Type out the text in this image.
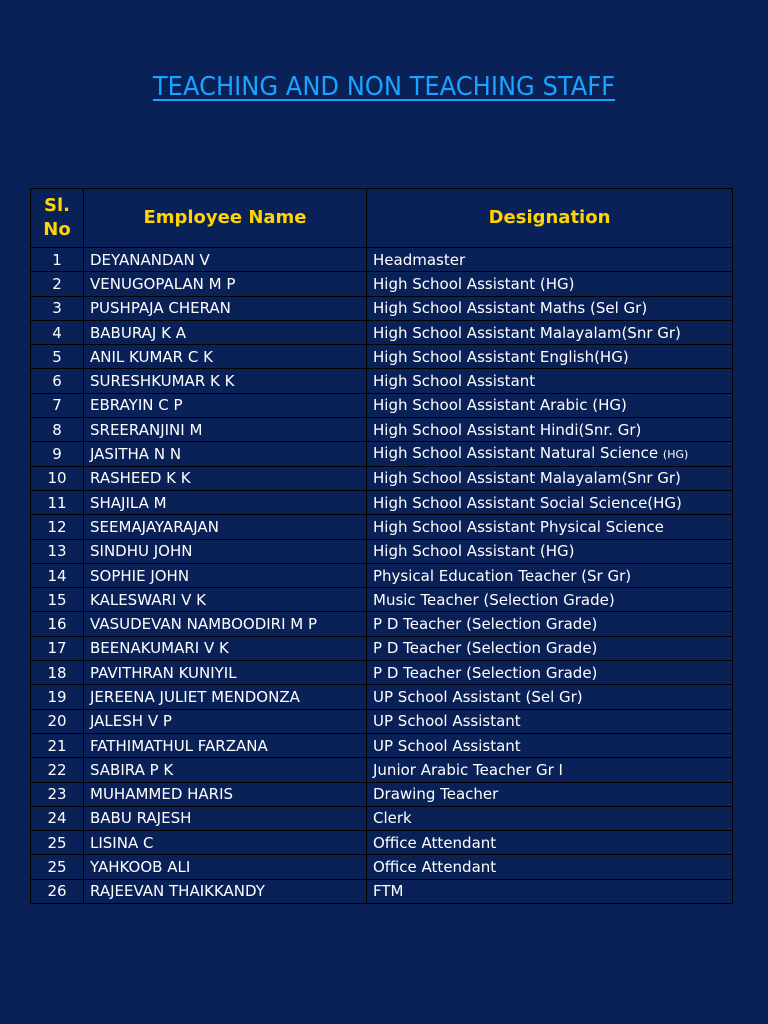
TEACHING AND NON TEACHING STAFF
Sl.
No	Employee Name	Designation
1	DEYANANDAN V	Headmaster
2	VENUGOPALAN M P	High School Assistant (HG)
3	PUSHPAJA CHERAN	High School Assistant Maths (Sel Gr)
4	BABURAJ K A	High School Assistant Malayalam(Snr Gr)
5	ANIL KUMAR C K	High School Assistant English(HG)
6	SURESHKUMAR K K	High School Assistant
7	EBRAYIN C P	High School Assistant Arabic (HG)
8	SREERANJINI M	High School Assistant Hindi(Snr. Gr)
9	JASITHA N N	High School Assistant Natural Science (HG)
10	RASHEED K K	High School Assistant Malayalam(Snr Gr)
11	SHAJILA M	High School Assistant Social Science(HG)
12	SEEMAJAYARAJAN	High School Assistant Physical Science
13	SINDHU JOHN	High School Assistant (HG)
14	SOPHIE JOHN	Physical Education Teacher (Sr Gr)
15	KALESWARI V K	Music Teacher (Selection Grade)
16	VASUDEVAN NAMBOODIRI M P	P D Teacher (Selection Grade)
17	BEENAKUMARI V K	P D Teacher (Selection Grade)
18	PAVITHRAN KUNIYIL	P D Teacher (Selection Grade)
19	JEREENA JULIET MENDONZA	UP School Assistant (Sel Gr)
20	JALESH V P	UP School Assistant
21	FATHIMATHUL FARZANA	UP School Assistant
22	SABIRA P K	Junior Arabic Teacher Gr I
23	MUHAMMED HARIS	Drawing Teacher
24	BABU RAJESH	Clerk
25	LISINA C	Office Attendant
25	YAHKOOB ALI	Office Attendant
26	RAJEEVAN THAIKKANDY	FTM
